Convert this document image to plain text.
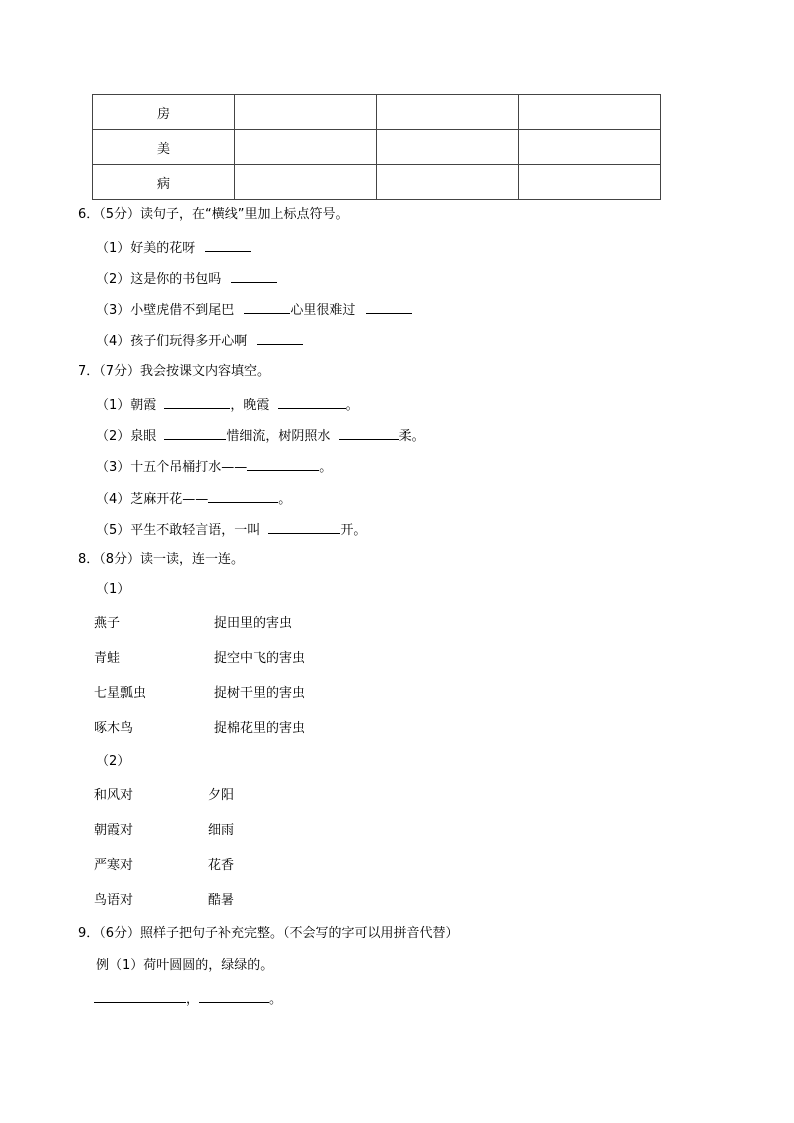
房			
美			
病			
6．（5分）读句子，在“横线”里加上标点符号。
（1）好美的花呀
（2）这是你的书包吗
（3）小壁虎借不到尾巴	心里很难过
（4）孩子们玩得多开心啊
7．（7分）我会按课文内容填空。
（1）朝霞	，晚霞	。
（2）泉眼	惜细流，树阴照水	柔。
（3）十五个吊桶打水——	。
（4）芝麻开花——	。
（5）平生不敢轻言语，一叫	开。
8．（8分）读一读，连一连。
（1）
燕子	捉田里的害虫
青蛙	捉空中飞的害虫
七星瓢虫	捉树干里的害虫
啄木鸟	捉棉花里的害虫
（2）
和风对	夕阳
朝霞对	细雨
严寒对	花香
鸟语对	酷暑
9．（6分）照样子把句子补充完整。（不会写的字可以用拼音代替）
例（1）荷叶圆圆的，绿绿的。
，	。
